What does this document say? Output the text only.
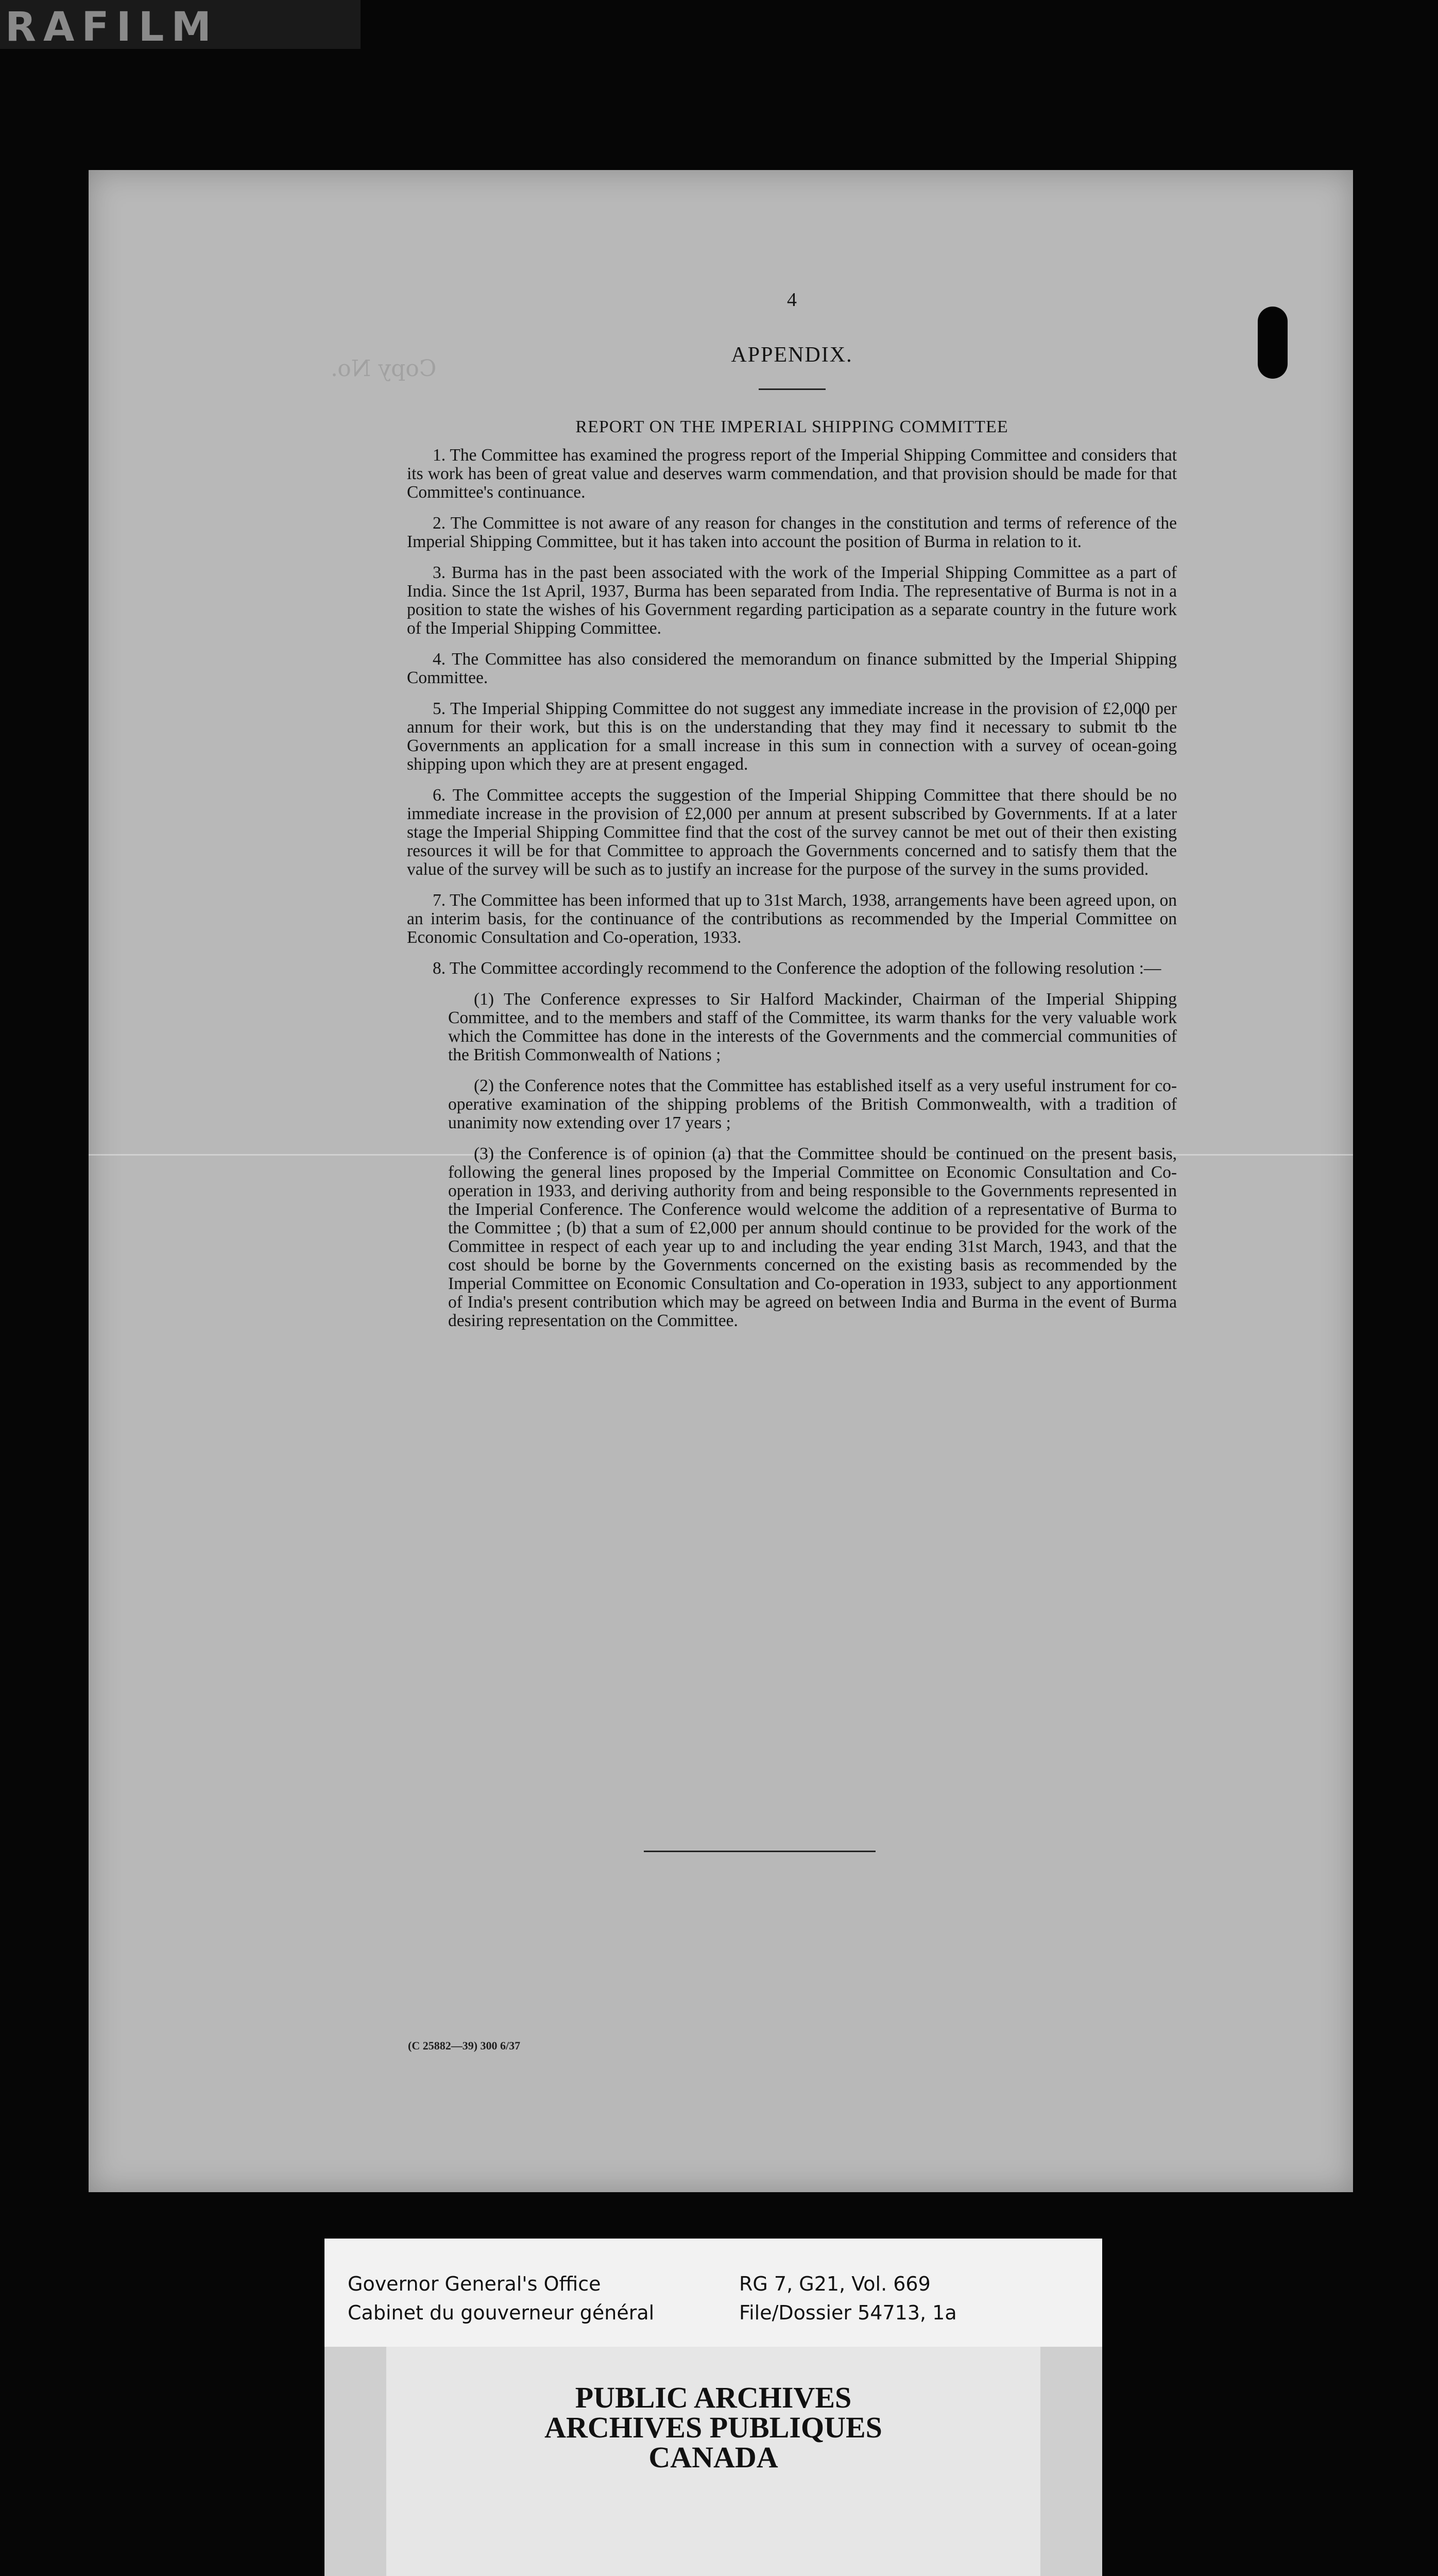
RAFILM
Copy No.

4

APPENDIX.

REPORT ON THE IMPERIAL SHIPPING COMMITTEE

1. The Committee has examined the progress report of the Imperial Shipping Committee and considers that its work has been of great value and deserves warm commendation, and that provision should be made for that Committee's continuance.

2. The Committee is not aware of any reason for changes in the constitution and terms of reference of the Imperial Shipping Committee, but it has taken into account the position of Burma in relation to it.

3. Burma has in the past been associated with the work of the Imperial Shipping Committee as a part of India. Since the 1st April, 1937, Burma has been separated from India. The representative of Burma is not in a position to state the wishes of his Government regarding participation as a separate country in the future work of the Imperial Shipping Committee.

4. The Committee has also considered the memorandum on finance submitted by the Imperial Shipping Committee.

5. The Imperial Shipping Committee do not suggest any immediate increase in the provision of £2,000 per annum for their work, but this is on the understanding that they may find it necessary to submit to the Governments an application for a small increase in this sum in connection with a survey of ocean-going shipping upon which they are at present engaged.

6. The Committee accepts the suggestion of the Imperial Shipping Committee that there should be no immediate increase in the provision of £2,000 per annum at present subscribed by Governments. If at a later stage the Imperial Shipping Committee find that the cost of the survey cannot be met out of their then existing resources it will be for that Committee to approach the Governments concerned and to satisfy them that the value of the survey will be such as to justify an increase for the purpose of the survey in the sums provided.

7. The Committee has been informed that up to 31st March, 1938, arrangements have been agreed upon, on an interim basis, for the continuance of the contributions as recommended by the Imperial Committee on Economic Consultation and Co-operation, 1933.

8. The Committee accordingly recommend to the Conference the adoption of the following resolution :—

(1) The Conference expresses to Sir Halford Mackinder, Chairman of the Imperial Shipping Committee, and to the members and staff of the Committee, its warm thanks for the very valuable work which the Committee has done in the interests of the Governments and the commercial communities of the British Commonwealth of Nations ;

(2) the Conference notes that the Committee has established itself as a very useful instrument for co-operative examination of the shipping problems of the British Commonwealth, with a tradition of unanimity now extending over 17 years ;

(3) the Conference is of opinion (a) that the Committee should be continued on the present basis, following the general lines proposed by the Imperial Committee on Economic Consultation and Co-operation in 1933, and deriving authority from and being responsible to the Governments represented in the Imperial Conference. The Conference would welcome the addition of a representative of Burma to the Committee ; (b) that a sum of £2,000 per annum should continue to be provided for the work of the Committee in respect of each year up to and including the year ending 31st March, 1943, and that the cost should be borne by the Governments concerned on the existing basis as recommended by the Imperial Committee on Economic Consultation and Co-operation in 1933, subject to any apportionment of India's present contribution which may be agreed on between India and Burma in the event of Burma desiring representation on the Committee.

(C 25882—39) 300 6/37
Governor General's Office
Cabinet du gouverneur général
RG 7, G21, Vol. 669
File/Dossier 54713, 1a
PUBLIC ARCHIVES
ARCHIVES PUBLIQUES
CANADA
